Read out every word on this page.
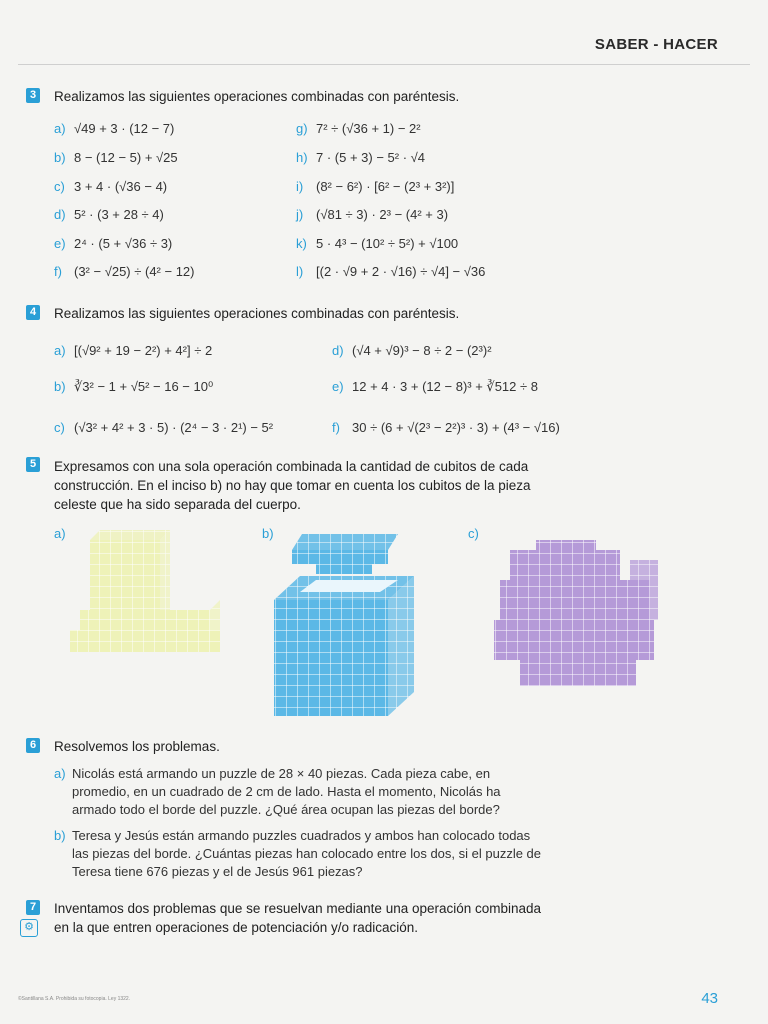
SABER - HACER
3 Realizamos las siguientes operaciones combinadas con paréntesis.
a) √49 + 3 · (12 − 7)
b) 8 − (12 − 5) + √25
c) 3 + 4 · (√36 − 4)
d) 5² · (3 + 28 ÷ 4)
e) 2⁴ · (5 + √36 ÷ 3)
f) (3² − √25) ÷ (4² − 12)
g) 7² ÷ (√36 + 1) − 2²
h) 7 · (5 + 3) − 5² · √4
i) (8² − 6²) · [6² − (2³ + 3²)]
j) (√81 ÷ 3) · 2³ − (4² + 3)
k) 5 · 4³ − (10² ÷ 5²) + √100
l) [(2 · √9 + 2 · √16) ÷ √4] − √36
4 Realizamos las siguientes operaciones combinadas con paréntesis.
a) [(√9² + 19 − 2²) + 4²] ÷ 2
b) ∛3² − 1 + √5² − 16 − 10⁰
c) (√3² + 4² + 3 · 5) · (2⁴ − 3 · 2¹) − 5²
d) (√4 + √9)³ − 8 ÷ 2 − (2³)²
e) 12 + 4 · 3 + (12 − 8)³ + ∛512 ÷ 8
f) 30 ÷ (6 + √(2³ − 2²)³ · 3) + (4³ − √16)
5 Expresamos con una sola operación combinada la cantidad de cubitos de cada construcción. En el inciso b) no hay que tomar en cuenta los cubitos de la pieza celeste que ha sido separada del cuerpo.
a)	b)	c)
6 Resolvemos los problemas.
a) Nicolás está armando un puzzle de 28 × 40 piezas. Cada pieza cabe, en promedio, en un cuadrado de 2 cm de lado. Hasta el momento, Nicolás ha armado todo el borde del puzzle. ¿Qué área ocupan las piezas del borde?
b) Teresa y Jesús están armando puzzles cuadrados y ambos han colocado todas las piezas del borde. ¿Cuántas piezas han colocado entre los dos, si el puzzle de Teresa tiene 676 piezas y el de Jesús 961 piezas?
7
⚙
Inventamos dos problemas que se resuelvan mediante una operación combinada en la que entren operaciones de potenciación y/o radicación.
©Santillana S.A. Prohibida su fotocopia. Ley 1322.	43
